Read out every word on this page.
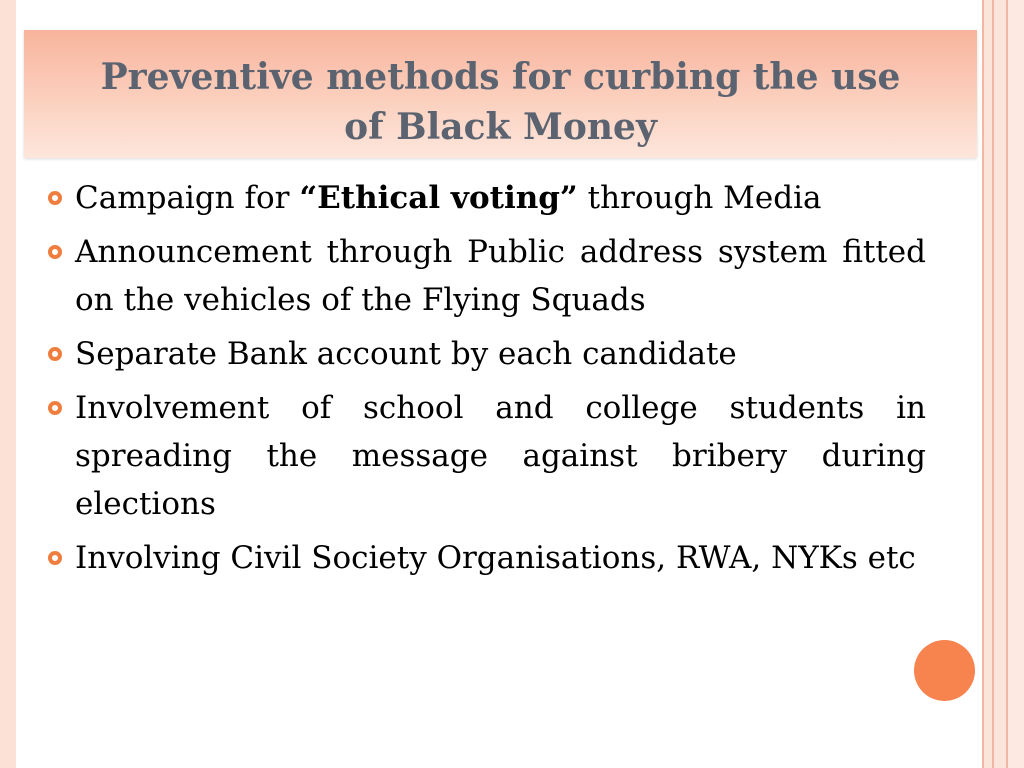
Preventive methods for curbing the use
of Black Money
Campaign for “Ethical voting” through Media
Announcement through Public address system fitted on the vehicles of the Flying Squads
Separate Bank account by each candidate
Involvement of school and college students in spreading the message against bribery during elections
Involving Civil Society Organisations, RWA, NYKs etc
